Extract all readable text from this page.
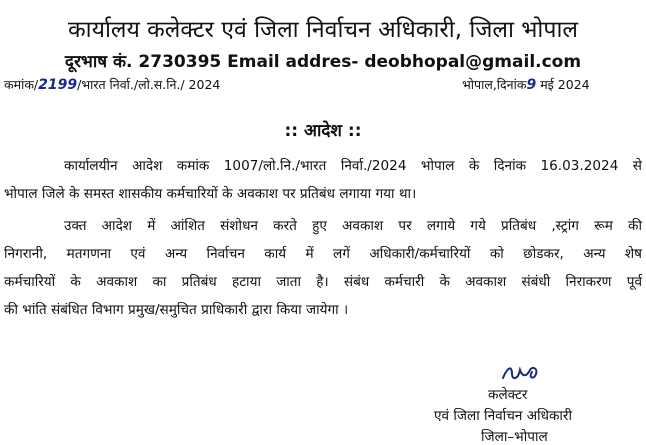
कार्यालय कलेक्टर एवं जिला निर्वाचन अधिकारी, जिला भोपाल
दूरभाष कं. 2730395 Email addres- deobhopal@gmail.com
कमांक/2199/भारत निर्वा./लो.स.नि./ 2024	भोपाल,दिनांक9 मई 2024
:: आदेश ::
कार्यालयीन आदेश कमांक 1007/लो.नि./भारत निर्वा./2024 भोपाल के दिनांक 16.03.2024 से
भोपाल जिले के समस्त शासकीय कर्मचारियों के अवकाश पर प्रतिबंध लगाया गया था।
उक्त आदेश में आंशित संशोधन करते हुए अवकाश पर लगाये गये प्रतिबंध ,स्ट्रांग रूम की
निगरानी, मतगणना एवं अन्य निर्वाचन कार्य में लगें अधिकारी/कर्मचारियों को छोडकर, अन्य शेष
कर्मचारियों के अवकाश का प्रतिबंध हटाया जाता है। संबंध कर्मचारी के अवकाश संबंधी निराकरण पूर्व
की भांति संबंधित विभाग प्रमुख/समुचित प्राधिकारी द्वारा किया जायेगा ।
कलेक्टर
एवं जिला निर्वाचन अधिकारी
जिला–भोपाल
